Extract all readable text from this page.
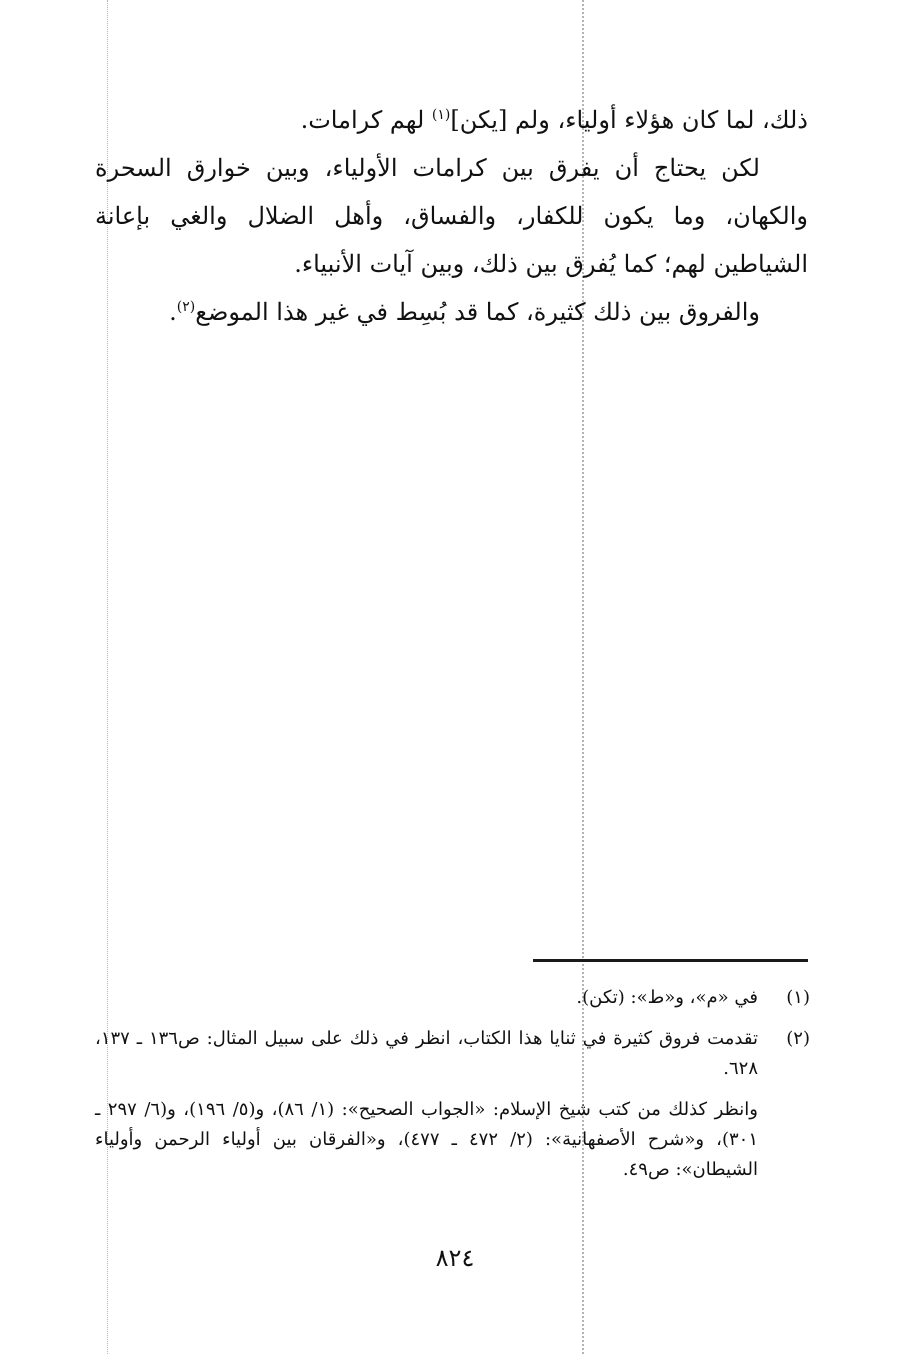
ذلك، لما كان هؤلاء أولياء، ولم [يكن]$^{(١)}$ لهم كرامات.

لكن يحتاج أن يفرق بين كرامات الأولياء، وبين خوارق السحرة والكهان، وما يكون للكفار، والفساق، وأهل الضلال والغي بإعانة الشياطين لهم؛ كما يُفرق بين ذلك، وبين آيات الأنبياء.

والفروق بين ذلك كثيرة، كما قد بُسِط في غير هذا الموضع$^{(٢)}$.

(١)
في «م»، و«ط»: (تكن).
(٢)
تقدمت فروق كثيرة في ثنايا هذا الكتاب، انظر في ذلك على سبيل المثال: ص١٣٦ ـ ١٣٧، ٦٢٨.
وانظر كذلك من كتب شيخ الإسلام: «الجواب الصحيح»: (١/ ٨٦)، و(٥/ ١٩٦)، و(٦/ ٢٩٧ ـ ٣٠١)، و«شرح الأصفهانية»: (٢/ ٤٧٢ ـ ٤٧٧)، و«الفرقان بين أولياء الرحمن وأولياء الشيطان»: ص٤٩.
٨٢٤
